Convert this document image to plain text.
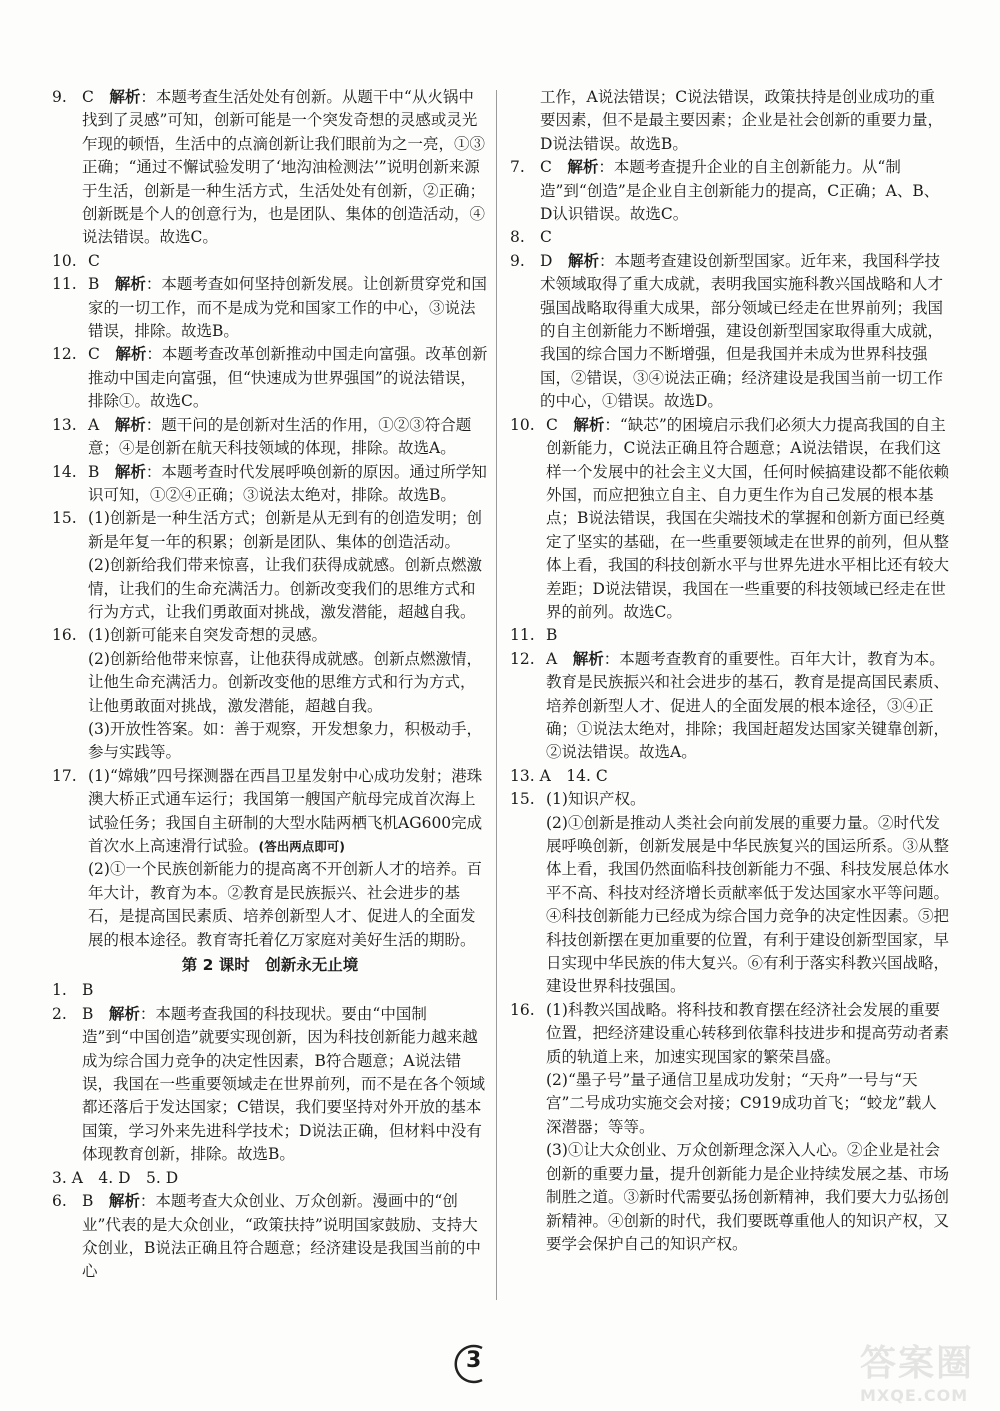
9. C　 解析：本题考查生活处处有创新。从题干中“从火锅中找到了灵感”可知，创新可能是一个突发奇想的灵感或灵光乍现的顿悟，生活中的点滴创新让我们眼前为之一亮，①③正确；“通过不懈试验发明了‘地沟油检测法’”说明创新来源于生活，创新是一种生活方式，生活处处有创新，②正确；创新既是个人的创意行为，也是团队、集体的创造活动，④说法错误。故选C。

10. C

11. B　 解析：本题考查如何坚持创新发展。让创新贯穿党和国家的一切工作，而不是成为党和国家工作的中心，③说法错误，排除。故选B。

12. C　 解析：本题考查改革创新推动中国走向富强。改革创新推动中国走向富强，但“快速成为世界强国”的说法错误，排除①。故选C。

13. A　 解析：题干问的是创新对生活的作用，①②③符合题意；④是创新在航天科技领域的体现，排除。故选A。

14. B　 解析：本题考查时代发展呼唤创新的原因。通过所学知识可知，①②④正确；③说法太绝对，排除。故选B。

15. (1)创新是一种生活方式；创新是从无到有的创造发明；创新是年复一年的积累；创新是团队、集体的创造活动。

(2)创新给我们带来惊喜，让我们获得成就感。创新点燃激情，让我们的生命充满活力。创新改变我们的思维方式和行为方式，让我们勇敢面对挑战，激发潜能，超越自我。

16. (1)创新可能来自突发奇想的灵感。

(2)创新给他带来惊喜，让他获得成就感。创新点燃激情，让他生命充满活力。创新改变他的思维方式和行为方式，让他勇敢面对挑战，激发潜能，超越自我。

(3)开放性答案。如：善于观察，开发想象力，积极动手，参与实践等。

17. (1)“嫦娥”四号探测器在西昌卫星发射中心成功发射；港珠澳大桥正式通车运行；我国第一艘国产航母完成首次海上试验任务；我国自主研制的大型水陆两栖飞机AG600完成首次水上高速滑行试验。(答出两点即可)

(2)①一个民族创新能力的提高离不开创新人才的培养。百年大计，教育为本。②教育是民族振兴、社会进步的基石，是提高国民素质、培养创新型人才、促进人的全面发展的根本途径。教育寄托着亿万家庭对美好生活的期盼。

第 2 课时　创新永无止境

1. B

2. B　 解析：本题考查我国的科技现状。要由“中国制造”到“中国创造”就要实现创新，因为科技创新能力越来越成为综合国力竞争的决定性因素，B符合题意；A说法错误，我国在一些重要领域走在世界前列，而不是在各个领域都还落后于发达国家；C错误，我们要坚持对外开放的基本国策，学习外来先进科学技术；D说法正确，但材料中没有体现教育创新，排除。故选B。

3. A　4. D　5. D

6. B　 解析：本题考查大众创业、万众创新。漫画中的“创业”代表的是大众创业，“政策扶持”说明国家鼓励、支持大众创业，B说法正确且符合题意；经济建设是我国当前的中心

工作，A说法错误；C说法错误，政策扶持是创业成功的重要因素，但不是最主要因素；企业是社会创新的重要力量，D说法错误。故选B。

7. C　 解析：本题考查提升企业的自主创新能力。从“制造”到“创造”是企业自主创新能力的提高，C正确；A、B、D认识错误。故选C。

8. C

9. D　 解析：本题考查建设创新型国家。近年来，我国科学技术领域取得了重大成就，表明我国实施科教兴国战略和人才强国战略取得重大成果，部分领域已经走在世界前列；我国的自主创新能力不断增强，建设创新型国家取得重大成就，我国的综合国力不断增强，但是我国并未成为世界科技强国，②错误，③④说法正确；经济建设是我国当前一切工作的中心，①错误。故选D。

10. C　 解析：“缺芯”的困境启示我们必须大力提高我国的自主创新能力，C说法正确且符合题意；A说法错误，在我们这样一个发展中的社会主义大国，任何时候搞建设都不能依赖外国，而应把独立自主、自力更生作为自己发展的根本基点；B说法错误，我国在尖端技术的掌握和创新方面已经奠定了坚实的基础，在一些重要领域走在世界的前列，但从整体上看，我国的科技创新水平与世界先进水平相比还有较大差距；D说法错误，我国在一些重要的科技领域已经走在世界的前列。故选C。

11. B

12. A　 解析：本题考查教育的重要性。百年大计，教育为本。教育是民族振兴和社会进步的基石，教育是提高国民素质、培养创新型人才、促进人的全面发展的根本途径，③④正确；①说法太绝对，排除；我国赶超发达国家关键靠创新，②说法错误。故选A。

13. A　14. C

15. (1)知识产权。

(2)①创新是推动人类社会向前发展的重要力量。②时代发展呼唤创新，创新发展是中华民族复兴的国运所系。③从整体上看，我国仍然面临科技创新能力不强、科技发展总体水平不高、科技对经济增长贡献率低于发达国家水平等问题。④科技创新能力已经成为综合国力竞争的决定性因素。⑤把科技创新摆在更加重要的位置，有利于建设创新型国家，早日实现中华民族的伟大复兴。⑥有利于落实科教兴国战略，建设世界科技强国。

16. (1)科教兴国战略。将科技和教育摆在经济社会发展的重要位置，把经济建设重心转移到依靠科技进步和提高劳动者素质的轨道上来，加速实现国家的繁荣昌盛。

(2)“墨子号”量子通信卫星成功发射；“天舟”一号与“天宫”二号成功实施交会对接；C919成功首飞；“蛟龙”载人深潜器；等等。

(3)①让大众创业、万众创新理念深入人心。②企业是社会创新的重要力量，提升创新能力是企业持续发展之基、市场制胜之道。③新时代需要弘扬创新精神，我们要大力弘扬创新精神。④创新的时代，我们要既尊重他人的知识产权，又要学会保护自己的知识产权。

3	答案圈
MXQE.COM
